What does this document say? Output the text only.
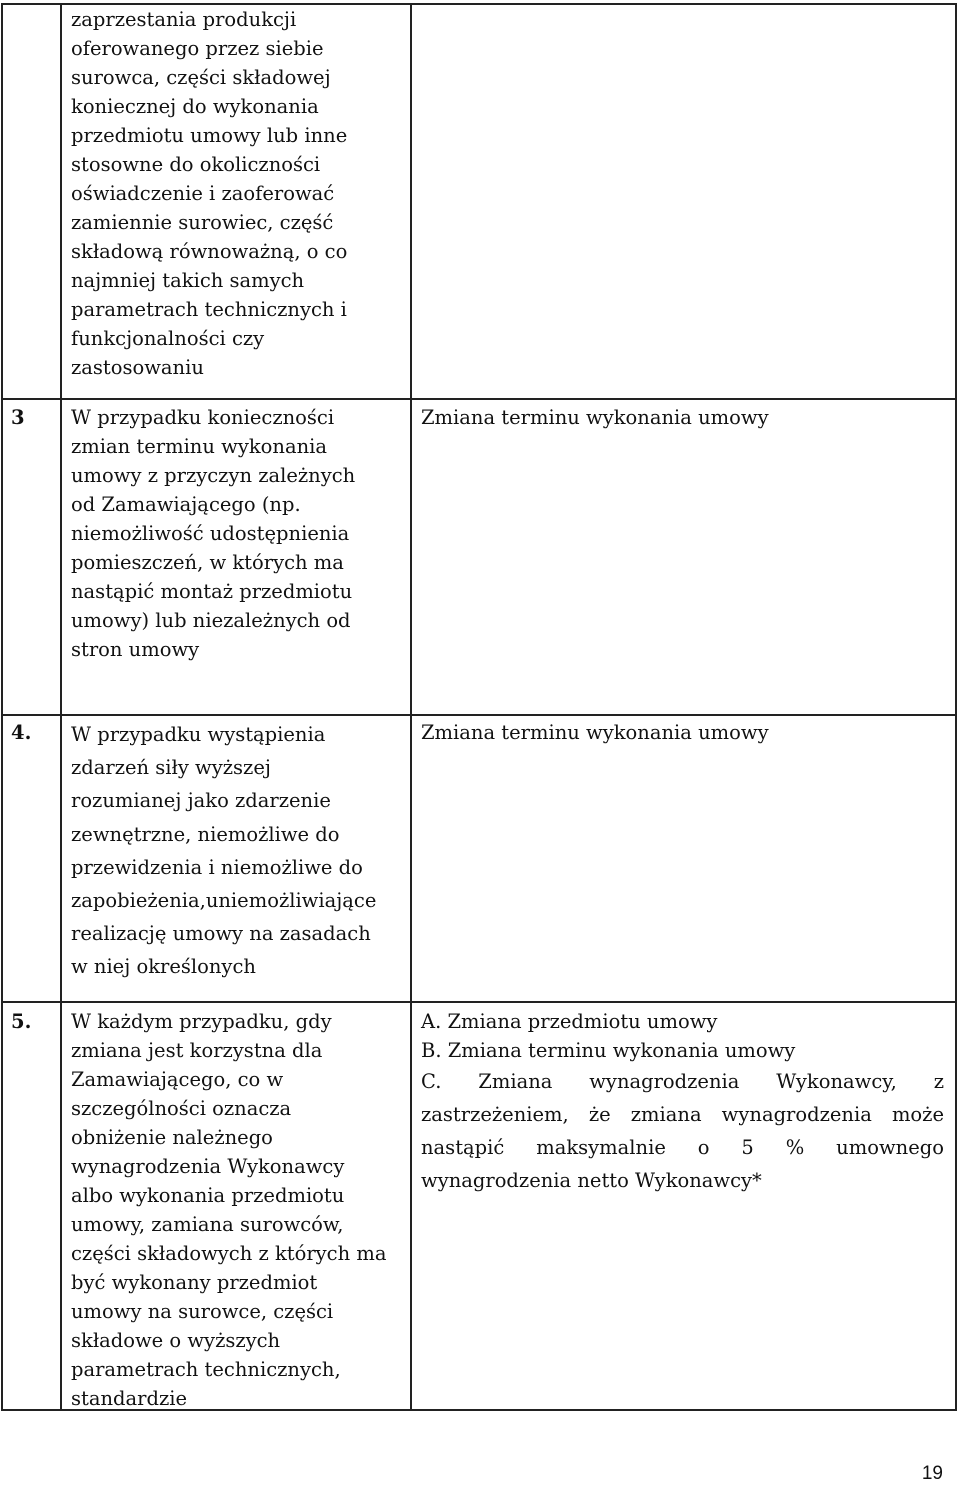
zaprzestania produkcji
oferowanego przez siebie
surowca, części składowej
koniecznej do wykonania
przedmiotu umowy lub inne
stosowne do okoliczności
oświadczenie i zaoferować
zamiennie surowiec, część
składową równoważną, o co
najmniej takich samych
parametrach technicznych i
funkcjonalności czy
zastosowaniu
3 W przypadku konieczności
zmian terminu wykonania
umowy z przyczyn zależnych
od Zamawiającego (np.
niemożliwość udostępnienia
pomieszczeń, w których ma
nastąpić montaż przedmiotu
umowy) lub niezależnych od
stron umowy
Zmiana terminu wykonania umowy
4. W przypadku wystąpienia
zdarzeń siły wyższej
rozumianej jako zdarzenie
zewnętrzne, niemożliwe do
przewidzenia i niemożliwe do
zapobieżenia,uniemożliwiające
realizację umowy na zasadach
w niej określonych
Zmiana terminu wykonania umowy
5. W każdym przypadku, gdy
zmiana jest korzystna dla
Zamawiającego, co w
szczególności oznacza
obniżenie należnego
wynagrodzenia Wykonawcy
albo wykonania przedmiotu
umowy, zamiana surowców,
części składowych z których ma
być wykonany przedmiot
umowy na surowce, części
składowe o wyższych
parametrach technicznych,
standardzie
A. Zmiana przedmiotu umowy
B. Zmiana terminu wykonania umowy
C. Zmiana wynagrodzenia Wykonawcy, z
zastrzeżeniem, że zmiana wynagrodzenia może
nastąpić maksymalnie o 5 % umownego
wynagrodzenia netto Wykonawcy*
19
